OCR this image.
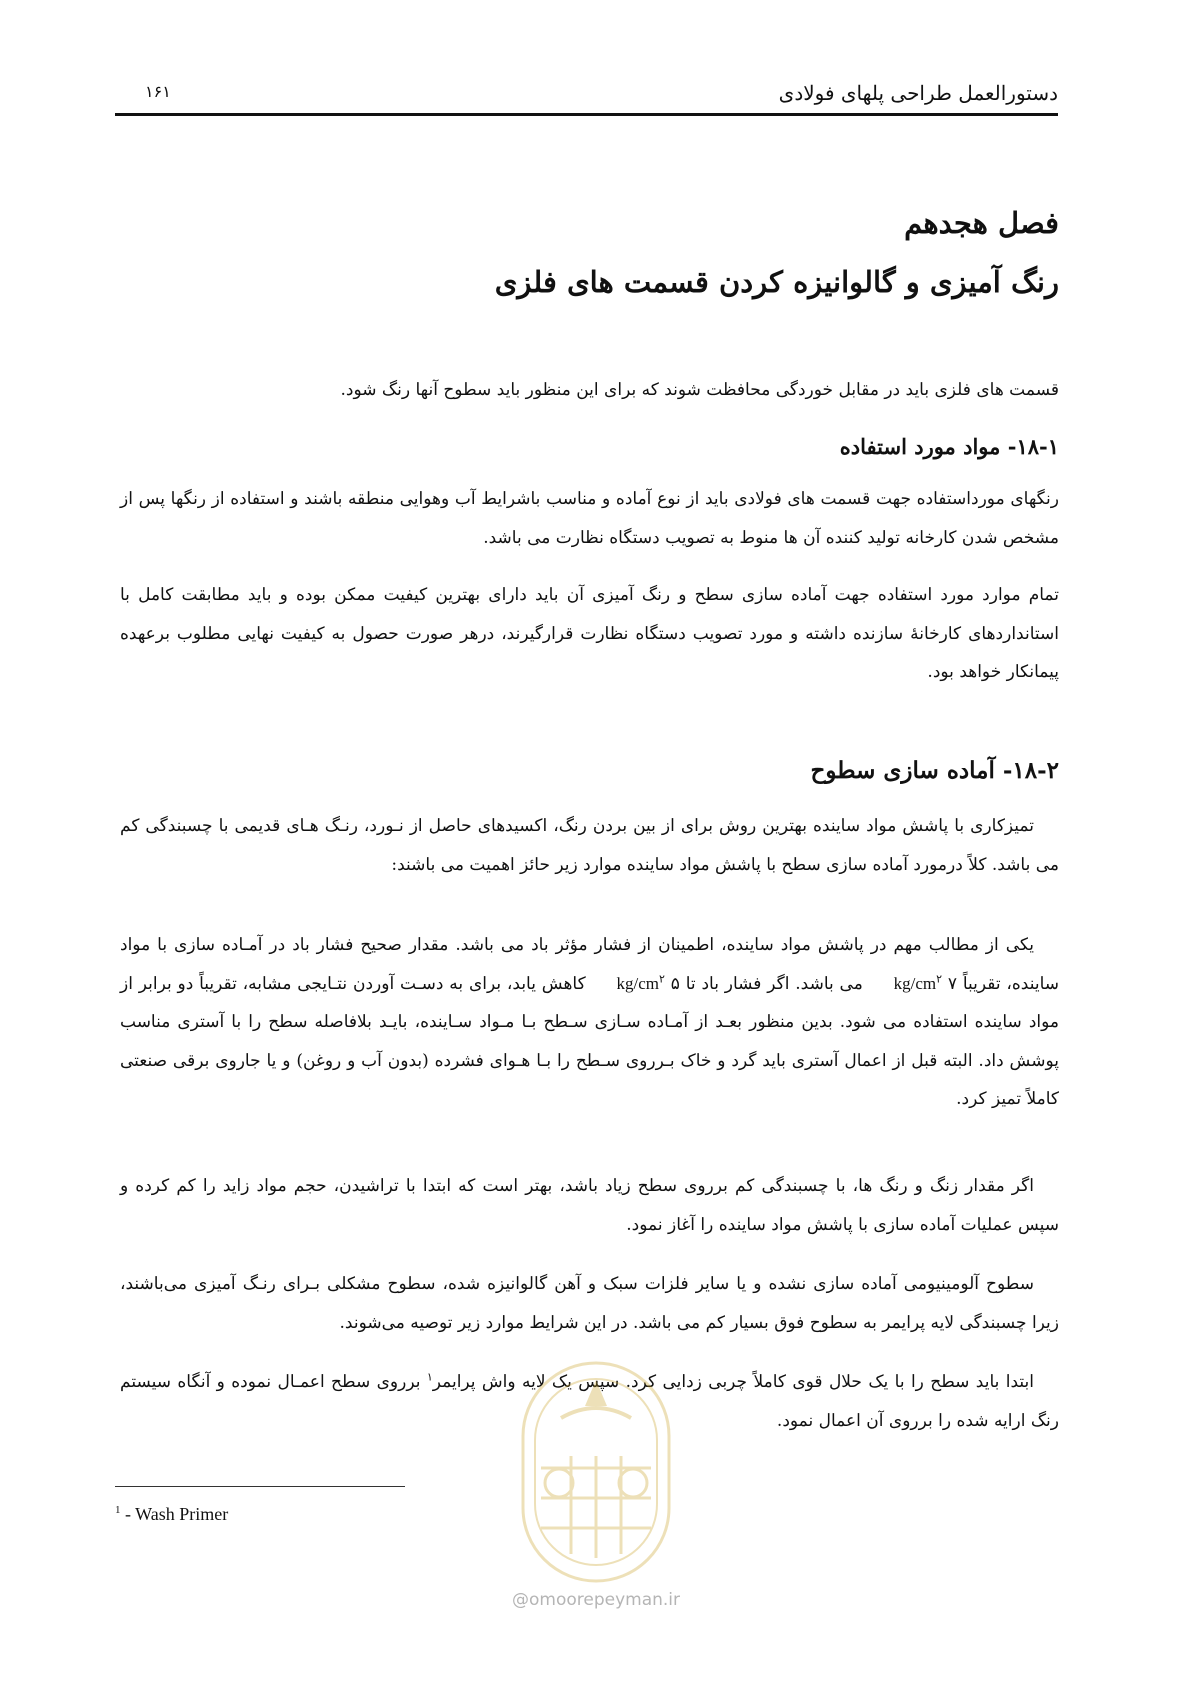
دستورالعمل طراحی پلهای فولادی
۱۶۱
فصل هجدهم
رنگ آمیزی و گالوانیزه کردن قسمت های فلزی

قسمت های فلزی باید در مقابل خوردگی محافظت شوند که برای این منظور باید سطوح آنها رنگ شود.

۱۸-۱- مواد مورد استفاده

رنگهای مورداستفاده جهت قسمت های فولادی باید از نوع آماده و مناسب باشرایط آب وهوایی منطقه باشند و استفاده از رنگها پس از مشخص شدن کارخانه تولید کننده آن ها منوط به تصویب دستگاه نظارت می باشد.

تمام موارد مورد استفاده جهت آماده سازی سطح و رنگ آمیزی آن باید دارای بهترین کیفیت ممکن بوده و باید مطابقت کامل با استانداردهای کارخانهٔ سازنده داشته و مورد تصویب دستگاه نظارت قرارگیرند، درهر صورت حصول به کیفیت نهایی مطلوب برعهده پیمانکار خواهد بود.

۱۸-۲- آماده سازی سطوح

تمیزکاری با پاشش مواد ساینده بهترین روش برای از بین بردن رنگ، اکسیدهای حاصل از نـورد، رنـگ هـای قدیمی با چسبندگی کم می باشد. کلاً درمورد آماده سازی سطح با پاشش مواد ساینده موارد زیر حائز اهمیت می باشند:

یکی از مطالب مهم در پاشش مواد ساینده، اطمینان از فشار مؤثر باد می باشد. مقدار صحیح فشار باد در آمـاده سازی با مواد ساینده، تقریباً ۷ $kg/cm^۲$ می باشد. اگر فشار باد تا ۵ $kg/cm^۲$ کاهش یابد، برای به دسـت آوردن نتـایجی مشابه، تقریباً دو برابر از مواد ساینده استفاده می شود. بدین منظور بعـد از آمـاده سـازی سـطح بـا مـواد سـاینده، بایـد بلافاصله سطح را با آستری مناسب پوشش داد. البته قبل از اعمال آستری باید گرد و خاک بـرروی سـطح را بـا هـوای فشرده (بدون آب و روغن) و یا جاروی برقی صنعتی کاملاً تمیز کرد.

اگر مقدار زنگ و رنگ ها، با چسبندگی کم برروی سطح زیاد باشد، بهتر است که ابتدا با تراشیدن، حجم مواد زاید را کم کرده و سپس عملیات آماده سازی با پاشش مواد ساینده را آغاز نمود.

سطوح آلومینیومی آماده سازی نشده و یا سایر فلزات سبک و آهن گالوانیزه شده، سطوح مشکلی بـرای رنـگ آمیزی می‌باشند، زیرا چسبندگی لایه پرایمر به سطوح فوق بسیار کم می باشد. در این شرایط موارد زیر توصیه می‌شوند.

ابتدا باید سطح را با یک حلال قوی کاملاً چربی زدایی کرد. سپس یک لایه واش پرایمر$^۱$ برروی سطح اعمـال نموده و آنگاه سیستم رنگ ارایه شده را برروی آن اعمال نمود.

$^1$ - Wash Primer
@omoorepeyman.ir
